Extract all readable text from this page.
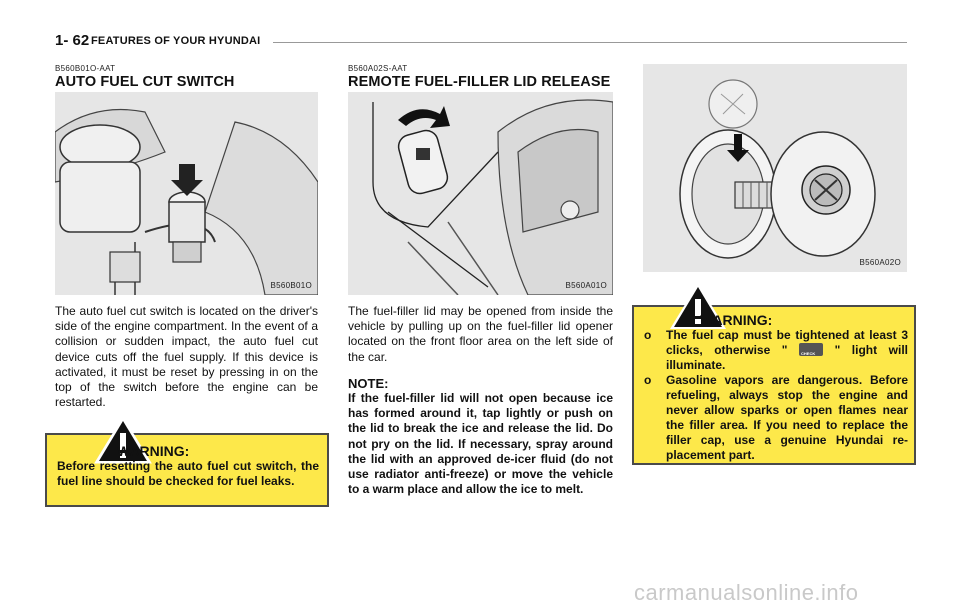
1- 62 FEATURES OF YOUR HYUNDAI
B560B01O-AAT
AUTO FUEL CUT SWITCH
B560B01O
The auto fuel cut switch is located on the driver's side of the engine compartment. In the event of a collision or sudden impact, the auto fuel cut device cuts off the fuel supply. If this device is activated, it must be reset by pressing in on the top of the switch before the engine can be restarted.
WARNING:
Before resetting the auto fuel cut switch, the fuel line should be checked for fuel leaks.
B560A02S-AAT
REMOTE FUEL-FILLER LID RELEASE
B560A01O
The fuel-filler lid may be opened from inside the vehicle by pulling up on the fuel-filler lid opener located on the front floor area on the left side of the car.
NOTE:
If the fuel-filler lid will not open because ice has formed around it, tap lightly or push on the lid to break the ice and release the lid. Do not pry on the lid. If necessary, spray around the lid with an approved de-icer fluid (do not use radiator anti-freeze) or move the vehicle to a warm place and allow the ice to melt.
B560A02O
WARNING:
o The fuel cap must be tightened at least 3 clicks, otherwise "	CHECK " light will illuminate.
o Gasoline vapors are dangerous. Before refueling, always stop the engine and never allow sparks or open flames near the filler area. If you need to replace the filler cap, use a genuine Hyundai re-placement part.
carmanualsonline.info
